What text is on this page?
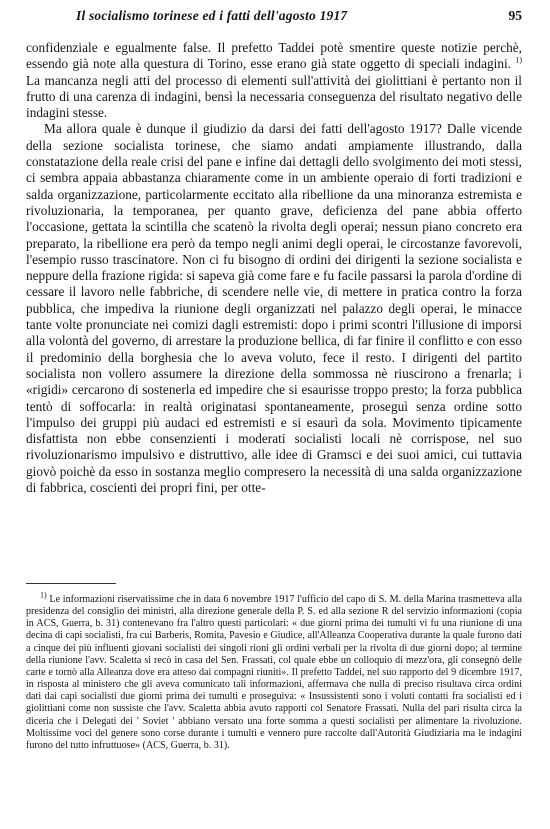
Il socialismo torinese ed i fatti dell'agosto 1917	95

confidenziale e egualmente false. Il prefetto Taddei potè smentire queste notizie perchè, essendo già note alla questura di Torino, esse erano già state oggetto di speciali indagini. $^{1)}$ La mancanza negli atti del processo di elementi sull'attività dei giolittiani è pertanto non il frutto di una carenza di indagini, bensì la necessaria conseguenza del risultato negativo delle indagini stesse.

Ma allora quale è dunque il giudizio da darsi dei fatti dell'agosto 1917? Dalle vicende della sezione socialista torinese, che siamo andati ampiamente illustrando, dalla constatazione della reale crisi del pane e infine dai dettagli dello svolgimento dei moti stessi, ci sembra appaia abbastanza chiaramente come in un ambiente operaio di forti tradizioni e salda organizzazione, particolarmente eccitato alla ribellione da una minoranza estremista e rivoluzionaria, la temporanea, per quanto grave, deficienza del pane abbia offerto l'occasione, gettata la scintilla che scatenò la rivolta degli operai; nessun piano concreto era preparato, la ribellione era però da tempo negli animi degli operai, le circostanze favorevoli, l'esempio russo trascinatore. Non ci fu bisogno di ordini dei dirigenti la sezione socialista e neppure della frazione rigida: si sapeva già come fare e fu facile passarsi la parola d'ordine di cessare il lavoro nelle fabbriche, di scendere nelle vie, di mettere in pratica contro la forza pubblica, che impediva la riunione degli organizzati nel palazzo degli operai, le minacce tante volte pronunciate nei comizi dagli estremisti: dopo i primi scontri l'illusione di imporsi alla volontà del governo, di arrestare la produzione bellica, di far finire il conflitto e con esso il predominio della borghesia che lo aveva voluto, fece il resto. I dirigenti del partito socialista non vollero assumere la direzione della sommossa nè riuscirono a frenarla; i «rigidi» cercarono di sostenerla ed impedire che si esaurisse troppo presto; la forza pubblica tentò di soffocarla: in realtà originatasi spontaneamente, proseguì senza ordine sotto l'impulso dei gruppi più audaci ed estremisti e si esaurì da sola. Movimento tipicamente disfattista non ebbe consenzienti i moderati socialisti locali nè corrispose, nel suo rivoluzionarismo impulsivo e distruttivo, alle idee di Gramsci e dei suoi amici, cui tuttavia giovò poichè da esso in sostanza meglio compresero la necessità di una salda organizzazione di fabbrica, coscienti dei propri fini, per otte-

$^{1)}$ Le informazioni riservatissime che in data 6 novembre 1917 l'ufficio del capo di S. M. della Marina trasmetteva alla presidenza del consiglio dei ministri, alla direzione generale della P. S. ed alla sezione R del servizio informazioni (copia in ACS, Guerra, b. 31) contenevano fra l'altro questi particolari: « due giorni prima dei tumulti vi fu una riunione di una decina di capi socialisti, fra cui Barberis, Romita, Pavesio e Giudice, all'Alleanza Cooperativa durante la quale furono dati a cinque dei più influenti giovani socialisti dei singoli rioni gli ordini verbali per la rivolta di due giorni dopo; al termine della riunione l'avv. Scaletta si recò in casa del Sen. Frassati, col quale ebbe un colloquio di mezz'ora, gli consegnò delle carte e tornò alla Alleanza dove era atteso dai compagni riuniti». Il prefetto Taddei, nel suo rapporto del 9 dicembre 1917, in risposta al ministero che gli aveva comunicato tali informazioni, affermava che nulla di preciso risultava circa ordini dati dai capi socialisti due giorni prima dei tumulti e proseguiva: « Insussistenti sono i voluti contatti fra socialisti ed i giolittiani come non sussiste che l'avv. Scaletta abbia avuto rapporti col Senatore Frassati. Nulla del pari risulta circa la diceria che i Delegati dei ' Soviet ' abbiano versato una forte somma a questi socialisti per alimentare la rivoluzione. Moltissime voci del genere sono corse durante i tumulti e vennero pure raccolte dall'Autorità Giudiziaria ma le indagini furono del tutto infruttuose» (ACS, Guerra, b. 31).
